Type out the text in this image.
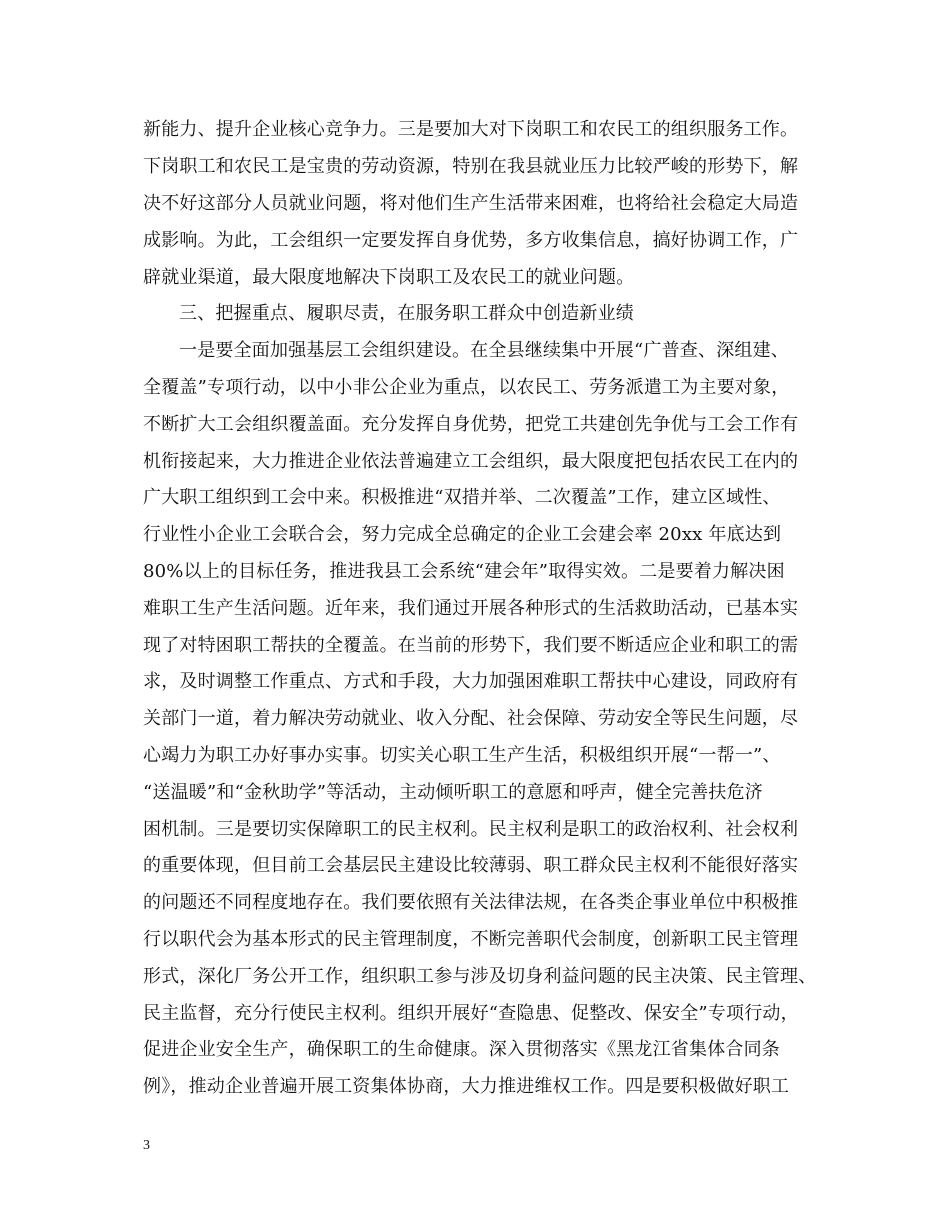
新能力、提升企业核心竞争力。三是要加大对下岗职工和农民工的组织服务工作。
下岗职工和农民工是宝贵的劳动资源，特别在我县就业压力比较严峻的形势下，解
决不好这部分人员就业问题，将对他们生产生活带来困难，也将给社会稳定大局造
成影响。为此，工会组织一定要发挥自身优势，多方收集信息，搞好协调工作，广
辟就业渠道，最大限度地解决下岗职工及农民工的就业问题。
三、把握重点、履职尽责，在服务职工群众中创造新业绩
一是要全面加强基层工会组织建设。在全县继续集中开展“广普查、深组建、
全覆盖”专项行动，以中小非公企业为重点，以农民工、劳务派遣工为主要对象，
不断扩大工会组织覆盖面。充分发挥自身优势，把党工共建创先争优与工会工作有
机衔接起来，大力推进企业依法普遍建立工会组织，最大限度把包括农民工在内的
广大职工组织到工会中来。积极推进“双措并举、二次覆盖”工作，建立区域性、
行业性小企业工会联合会，努力完成全总确定的企业工会建会率 20xx 年底达到
80%以上的目标任务，推进我县工会系统“建会年”取得实效。二是要着力解决困
难职工生产生活问题。近年来，我们通过开展各种形式的生活救助活动，已基本实
现了对特困职工帮扶的全覆盖。在当前的形势下，我们要不断适应企业和职工的需
求，及时调整工作重点、方式和手段，大力加强困难职工帮扶中心建设，同政府有
关部门一道，着力解决劳动就业、收入分配、社会保障、劳动安全等民生问题，尽
心竭力为职工办好事办实事。切实关心职工生产生活，积极组织开展“一帮一”、
“送温暖”和“金秋助学”等活动，主动倾听职工的意愿和呼声，健全完善扶危济
困机制。三是要切实保障职工的民主权利。民主权利是职工的政治权利、社会权利
的重要体现，但目前工会基层民主建设比较薄弱、职工群众民主权利不能很好落实
的问题还不同程度地存在。我们要依照有关法律法规，在各类企事业单位中积极推
行以职代会为基本形式的民主管理制度，不断完善职代会制度，创新职工民主管理
形式，深化厂务公开工作，组织职工参与涉及切身利益问题的民主决策、民主管理、
民主监督，充分行使民主权利。组织开展好“查隐患、促整改、保安全”专项行动，
促进企业安全生产，确保职工的生命健康。深入贯彻落实《黑龙江省集体合同条
例》，推动企业普遍开展工资集体协商，大力推进维权工作。四是要积极做好职工
3
